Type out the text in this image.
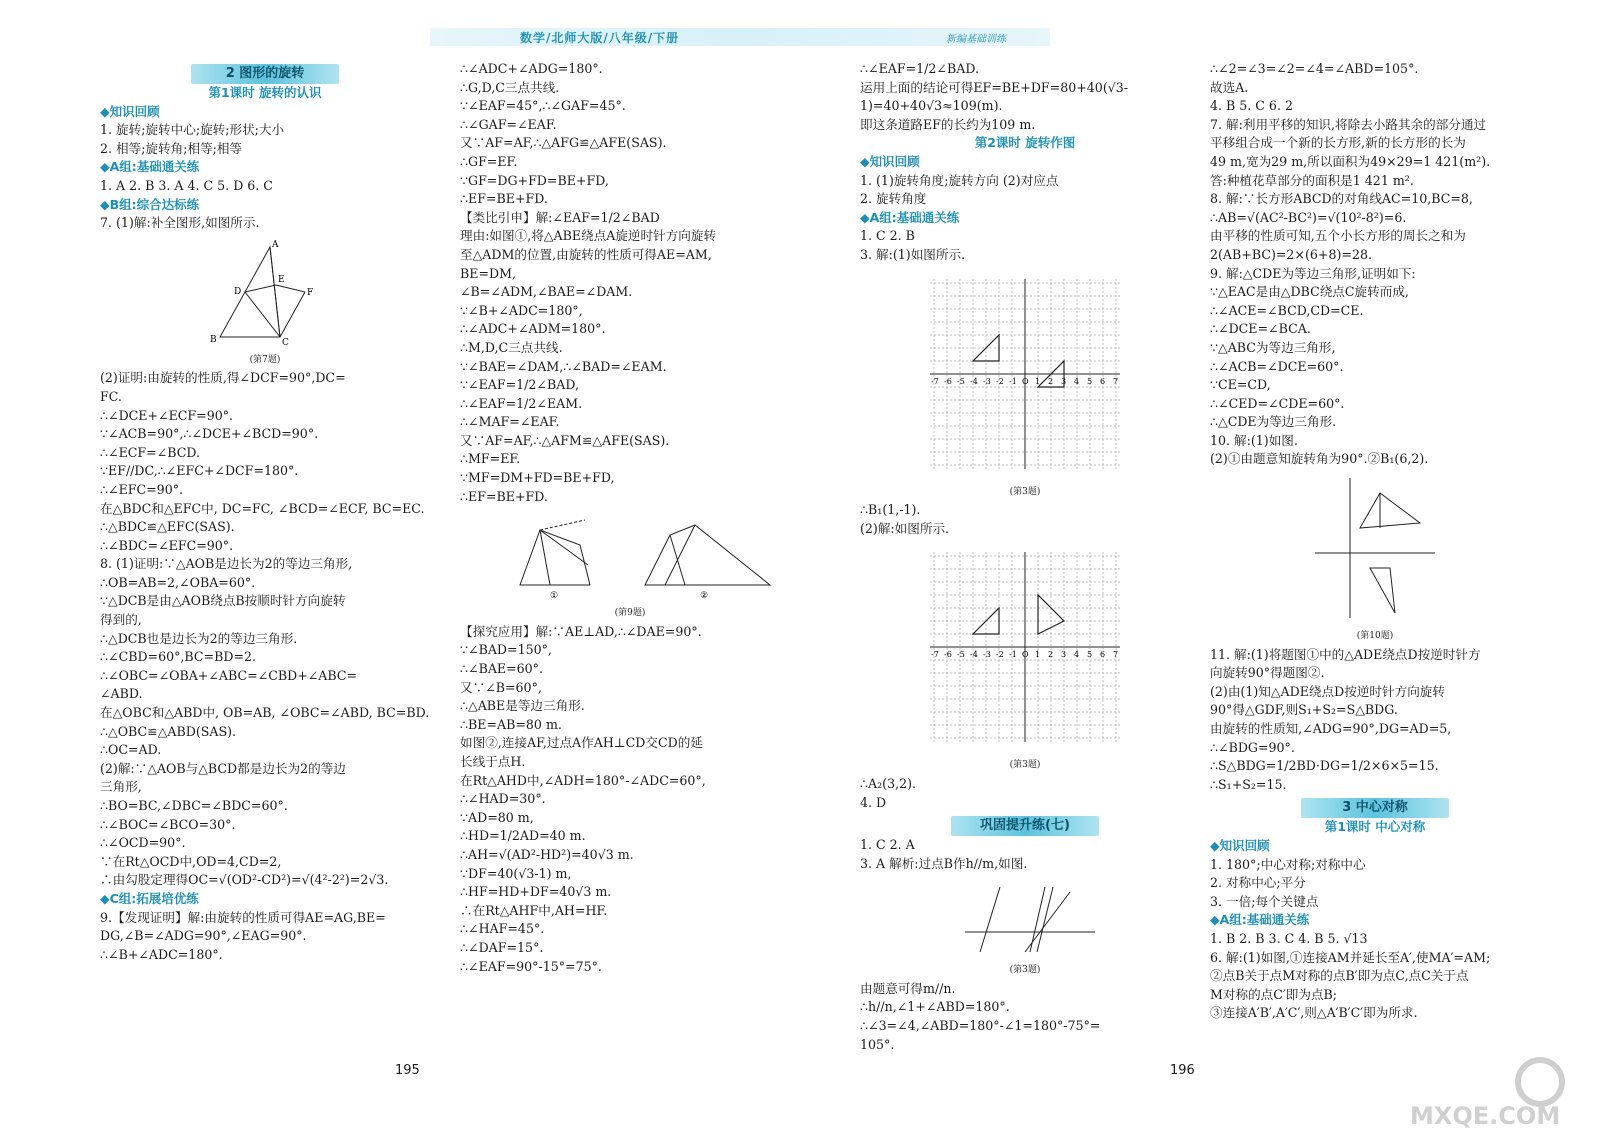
数学/北师大版/八年级/下册	新编基础训练
2 图形的旋转
第1课时 旋转的认识
◆知识回顾
1. 旋转;旋转中心;旋转;形状;大小
2. 相等;旋转角;相等;相等
◆A组:基础通关练
1. A 2. B 3. A 4. C 5. D 6. C
◆B组:综合达标练
7. (1)解:补全图形,如图所示.
B	C
A
D
E
F
(第7题)
(2)证明:由旋转的性质,得∠DCF=90°,DC=
FC.
∴∠DCE+∠ECF=90°.
∵∠ACB=90°,∴∠DCE+∠BCD=90°.
∴∠ECF=∠BCD.
∵EF//DC,∴∠EFC+∠DCF=180°.
∴∠EFC=90°.
在△BDC和△EFC中, DC=FC, ∠BCD=∠ECF, BC=EC.
∴△BDC≌△EFC(SAS).
∴∠BDC=∠EFC=90°.
8. (1)证明:∵△AOB是边长为2的等边三角形,
∴OB=AB=2,∠OBA=60°.
∵△DCB是由△AOB绕点B按顺时针方向旋转
得到的,
∴△DCB也是边长为2的等边三角形.
∴∠CBD=60°,BC=BD=2.
∴∠OBC=∠OBA+∠ABC=∠CBD+∠ABC=
∠ABD.
在△OBC和△ABD中, OB=AB, ∠OBC=∠ABD, BC=BD.
∴△OBC≌△ABD(SAS).
∴OC=AD.
(2)解:∵△AOB与△BCD都是边长为2的等边
三角形,
∴BO=BC,∠DBC=∠BDC=60°.
∴∠BOC=∠BCO=30°.
∴∠OCD=90°.
∵在Rt△OCD中,OD=4,CD=2,
∴由勾股定理得OC=√(OD²-CD²)=√(4²-2²)=2√3.
◆C组:拓展培优练
9.【发现证明】解:由旋转的性质可得AE=AG,BE=
DG,∠B=∠ADG=90°,∠EAG=90°.
∴∠B+∠ADC=180°.
∴∠ADC+∠ADG=180°.
∴G,D,C三点共线.
∵∠EAF=45°,∴∠GAF=45°.
∴∠GAF=∠EAF.
又∵AF=AF,∴△AFG≌△AFE(SAS).
∴GF=EF.
∵GF=DG+FD=BE+FD,
∴EF=BE+FD.
【类比引申】解:∠EAF=1/2∠BAD
理由:如图①,将△ABE绕点A旋逆时针方向旋转
至△ADM的位置,由旋转的性质可得AE=AM,
BE=DM,
∠B=∠ADM,∠BAE=∠DAM.
∵∠B+∠ADC=180°,
∴∠ADC+∠ADM=180°.
∴M,D,C三点共线.
∵∠BAE=∠DAM,∴∠BAD=∠EAM.
∵∠EAF=1/2∠BAD,
∴∠EAF=1/2∠EAM.
∴∠MAF=∠EAF.
又∵AF=AF,∴△AFM≌△AFE(SAS).
∴MF=EF.
∵MF=DM+FD=BE+FD,
∴EF=BE+FD.
①	②
(第9题)
【探究应用】解:∵AE⊥AD,∴∠DAE=90°.
∵∠BAD=150°,
∴∠BAE=60°.
又∵∠B=60°,
∴△ABE是等边三角形.
∴BE=AB=80 m.
如图②,连接AF,过点A作AH⊥CD交CD的延
长线于点H.
在Rt△AHD中,∠ADH=180°-∠ADC=60°,
∴∠HAD=30°.
∵AD=80 m,
∴HD=1/2AD=40 m.
∴AH=√(AD²-HD²)=40√3 m.
∵DF=40(√3-1) m,
∴HF=HD+DF=40√3 m.
∴在Rt△AHF中,AH=HF.
∴∠HAF=45°.
∴∠DAF=15°.
∴∠EAF=90°-15°=75°.
∴∠EAF=1/2∠BAD.
运用上面的结论可得EF=BE+DF=80+40(√3-
1)=40+40√3≈109(m).
即这条道路EF的长约为109 m.
第2课时 旋转作图
◆知识回顾
1. (1)旋转角度;旋转方向 (2)对应点
2. 旋转角度
◆A组:基础通关练
1. C 2. B
3. 解:(1)如图所示.
-7 -6 -5 -4 -3 -2 -1 O 1 2 3 4 5 6 7
(第3题)
∴B₁(1,-1).
(2)解:如图所示.
-7 -6 -5 -4 -3 -2 -1 O 1 2 3 4 5 6 7
(第3题)
∴A₂(3,2).
4. D
巩固提升练(七)
1. C 2. A
3. A 解析:过点B作h//m,如图.
(第3题)
由题意可得m//n.
∴h//n,∠1+∠ABD=180°.
∴∠3=∠4,∠ABD=180°-∠1=180°-75°=
105°.
∴∠2=∠3=∠2=∠4=∠ABD=105°.
故选A.
4. B 5. C 6. 2
7. 解:利用平移的知识,将除去小路其余的部分通过
平移组合成一个新的长方形,新的长方形的长为
49 m,宽为29 m,所以面积为49×29=1 421(m²).
答:种植花草部分的面积是1 421 m².
8. 解:∵长方形ABCD的对角线AC=10,BC=8,
∴AB=√(AC²-BC²)=√(10²-8²)=6.
由平移的性质可知,五个小长方形的周长之和为
2(AB+BC)=2×(6+8)=28.
9. 解:△CDE为等边三角形,证明如下:
∵△EAC是由△DBC绕点C旋转而成,
∴∠ACE=∠BCD,CD=CE.
∴∠DCE=∠BCA.
∵△ABC为等边三角形,
∴∠ACB=∠DCE=60°.
∵CE=CD,
∴∠CED=∠CDE=60°.
∴△CDE为等边三角形.
10. 解:(1)如图.
(2)①由题意知旋转角为90°.②B₁(6,2).
(第10题)
11. 解:(1)将题图①中的△ADE绕点D按逆时针方
向旋转90°得题图②.
(2)由(1)知△ADE绕点D按逆时针方向旋转
90°得△GDF,则S₁+S₂=S△BDG.
由旋转的性质知,∠ADG=90°,DG=AD=5,
∴∠BDG=90°.
∴S△BDG=1/2BD·DG=1/2×6×5=15.
∴S₁+S₂=15.
3 中心对称
第1课时 中心对称
◆知识回顾
1. 180°;中心对称;对称中心
2. 对称中心;平分
3. 一倍;每个关键点
◆A组:基础通关练
1. B 2. B 3. C 4. B 5. √13
6. 解:(1)如图,①连接AM并延长至A′,使MA′=AM;
②点B关于点M对称的点B′即为点C,点C关于点
M对称的点C′即为点B;
③连接A′B′,A′C′,则△A′B′C′即为所求.
195	196
MXQE.COM
